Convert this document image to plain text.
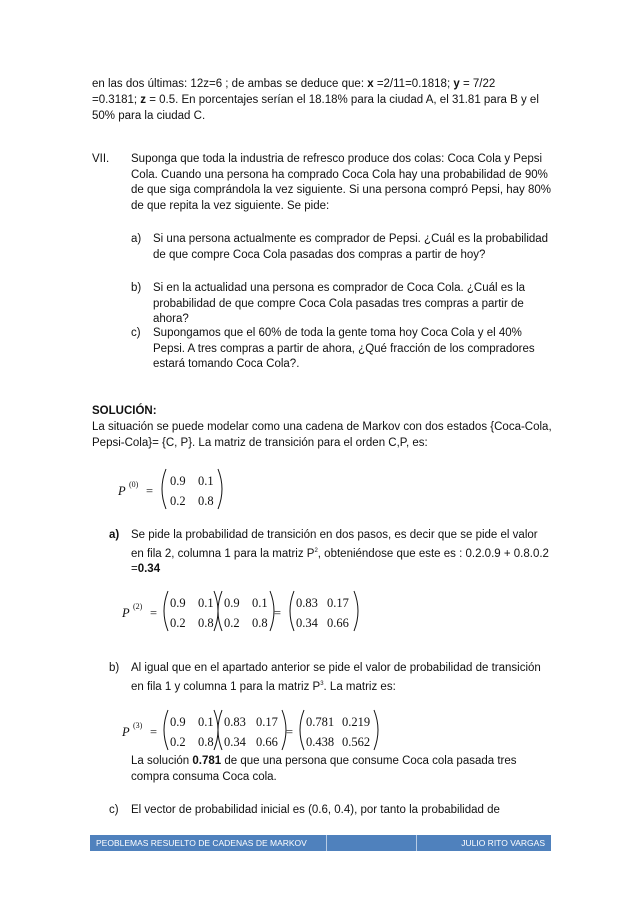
en las dos últimas: 12z=6 ; de ambas se deduce que: x =2/11=0.1818; y = 7/22
=0.3181; z = 0.5. En porcentajes serían el 18.18% para la ciudad A, el 31.81 para B y el
50% para la ciudad C.
VII. Suponga que toda la industria de refresco produce dos colas: Coca Cola y Pepsi Cola. Cuando una persona ha comprado Coca Cola hay una probabilidad de 90% de que siga comprándola la vez siguiente. Si una persona compró Pepsi, hay 80% de que repita la vez siguiente. Se pide:
a) Si una persona actualmente es comprador de Pepsi. ¿Cuál es la probabilidad de que compre Coca Cola pasadas dos compras a partir de hoy?
b) Si en la actualidad una persona es comprador de Coca Cola. ¿Cuál es la probabilidad de que compre Coca Cola pasadas tres compras a partir de ahora?
c) Supongamos que el 60% de toda la gente toma hoy Coca Cola y el 40% Pepsi. A tres compras a partir de ahora, ¿Qué fracción de los compradores estará tomando Coca Cola?.
SOLUCIÓN:
La situación se puede modelar como una cadena de Markov con dos estados {Coca-Cola, Pepsi-Cola}= {C, P}. La matriz de transición para el orden C,P, es:
P (0) =
0.9 0.1
0.2 0.8
a) Se pide la probabilidad de transición en dos pasos, es decir que se pide el valor en fila 2, columna 1 para la matriz $P^2$, obteniéndose que este es : 0.2.0.9 + 0.8.0.2 =0.34
P (2) =
0.9 0.1
0.2 0.8
0.9 0.1
0.2 0.8
=
0.83 0.17
0.34 0.66
b) Al igual que en el apartado anterior se pide el valor de probabilidad de transición en fila 1 y columna 1 para la matriz $P^3$. La matriz es:
P (3) =
0.9 0.1
0.2 0.8
0.83 0.17
0.34 0.66
=
0.781 0.219
0.438 0.562
La solución 0.781 de que una persona que consume Coca cola pasada tres compra consuma Coca cola.
c) El vector de probabilidad inicial es (0.6, 0.4), por tanto la probabilidad de
PEOBLEMAS RESUELTO DE CADENAS DE MARKOV	JULIO RITO VARGAS
